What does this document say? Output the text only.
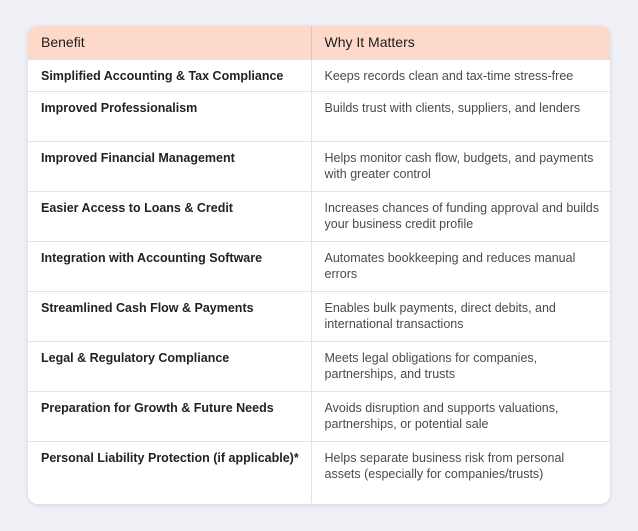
Benefit	Why It Matters
Simplified Accounting & Tax Compliance	Keeps records clean and tax-time stress-free
Improved Professionalism	Builds trust with clients, suppliers, and lenders
Improved Financial Management	Helps monitor cash flow, budgets, and payments with greater control
Easier Access to Loans & Credit	Increases chances of funding approval and builds your business credit profile
Integration with Accounting Software	Automates bookkeeping and reduces manual errors
Streamlined Cash Flow & Payments	Enables bulk payments, direct debits, and international transactions
Legal & Regulatory Compliance	Meets legal obligations for companies, partnerships, and trusts
Preparation for Growth & Future Needs	Avoids disruption and supports valuations, partnerships, or potential sale
Personal Liability Protection (if applicable)*	Helps separate business risk from personal assets (especially for companies/trusts)
